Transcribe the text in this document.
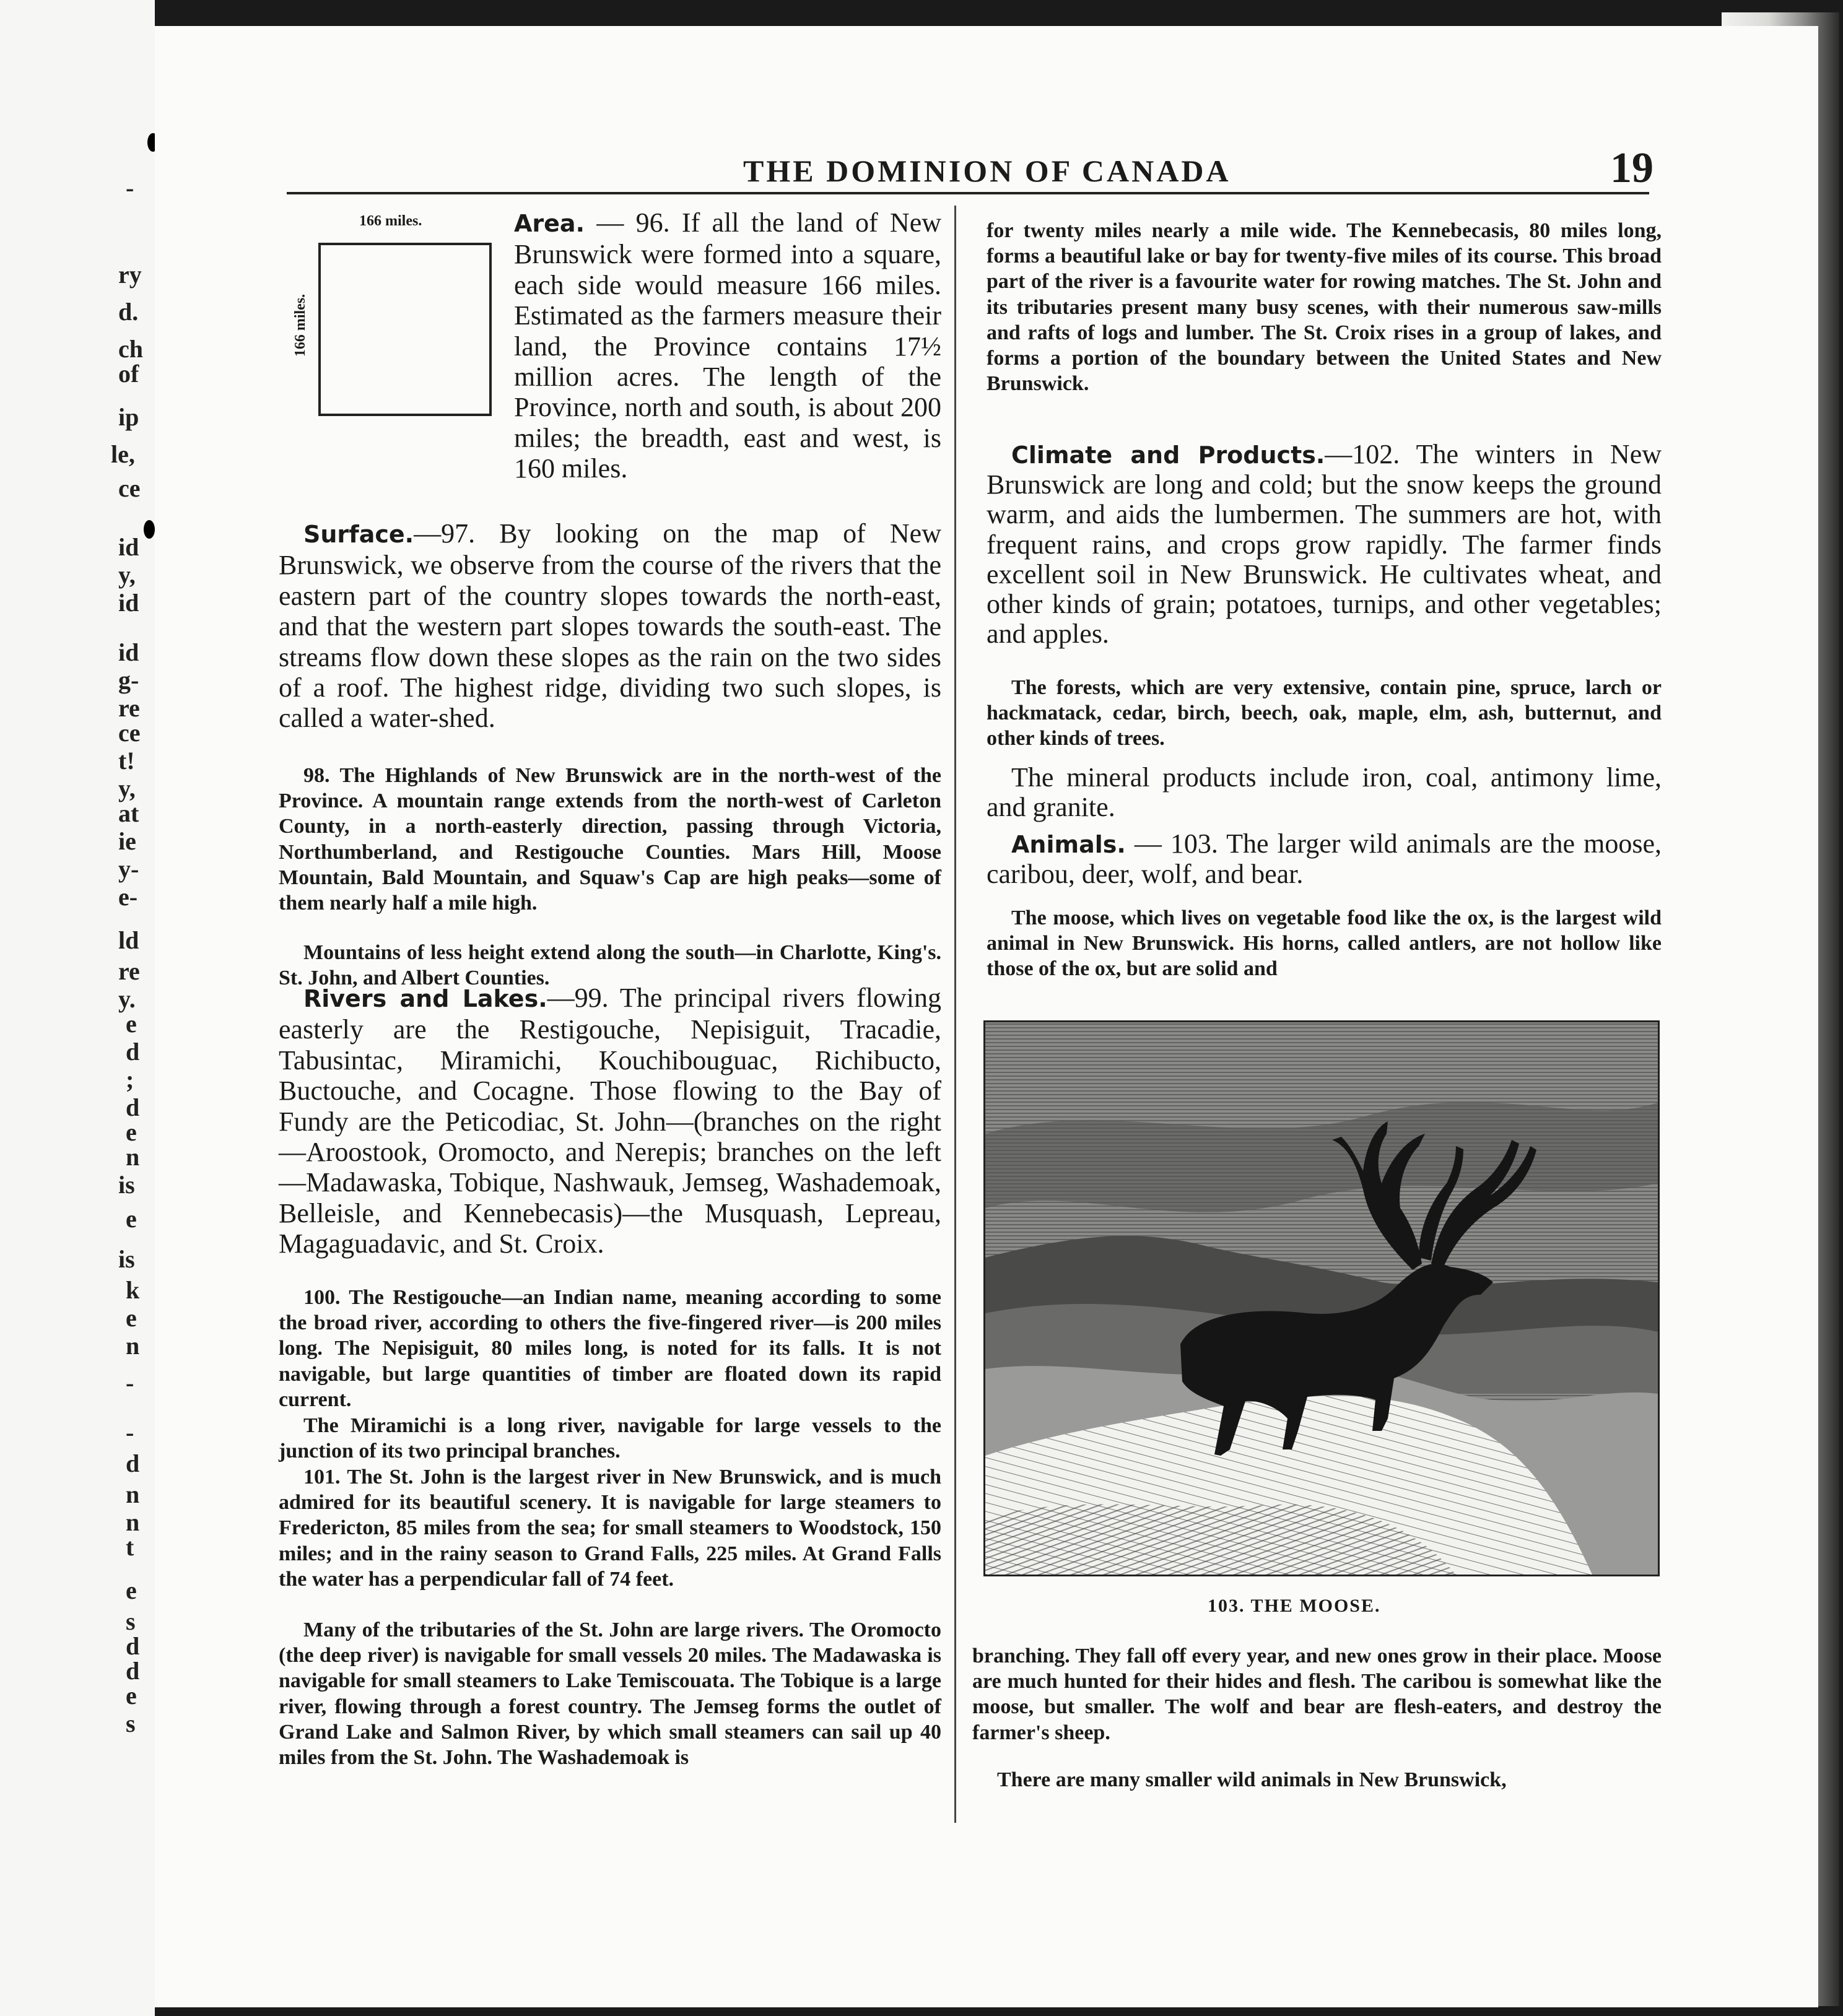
THE DOMINION OF CANADA	19
166 miles.
166 miles.

Area. — 96. If all the land of New Brunswick were formed into a square, each side would measure 166 miles. Estimated as the farmers measure their land, the Province contains 17½ million acres. The length of the Province, north and south, is about 200 miles; the breadth, east and west, is 160 miles.

Surface.—97. By looking on the map of New Brunswick, we observe from the course of the rivers that the eastern part of the country slopes towards the north-east, and that the western part slopes towards the south-east. The streams flow down these slopes as the rain on the two sides of a roof. The highest ridge, dividing two such slopes, is called a water-shed.

98. The Highlands of New Brunswick are in the north-west of the Province. A mountain range extends from the north-west of Carleton County, in a north-easterly direction, passing through Victoria, Northumberland, and Restigouche Counties. Mars Hill, Moose Mountain, Bald Mountain, and Squaw's Cap are high peaks—some of them nearly half a mile high.

Mountains of less height extend along the south—in Charlotte, King's. St. John, and Albert Counties.

Rivers and Lakes.—99. The principal rivers flowing easterly are the Restigouche, Nepisiguit, Tracadie, Tabusintac, Miramichi, Kouchibouguac, Richibucto, Buctouche, and Cocagne. Those flowing to the Bay of Fundy are the Peticodiac, St. John—(branches on the right—Aroostook, Oromocto, and Nerepis; branches on the left—Madawaska, Tobique, Nashwauk, Jemseg, Washademoak, Belleisle, and Kennebecasis)—the Musquash, Lepreau, Magaguadavic, and St. Croix.

100. The Restigouche—an Indian name, meaning according to some the broad river, according to others the five-fingered river—is 200 miles long. The Nepisiguit, 80 miles long, is noted for its falls. It is not navigable, but large quantities of timber are floated down its rapid current.

The Miramichi is a long river, navigable for large vessels to the junction of its two principal branches.

101. The St. John is the largest river in New Brunswick, and is much admired for its beautiful scenery. It is navigable for large steamers to Fredericton, 85 miles from the sea; for small steamers to Woodstock, 150 miles; and in the rainy season to Grand Falls, 225 miles. At Grand Falls the water has a perpendicular fall of 74 feet.

Many of the tributaries of the St. John are large rivers. The Oromocto (the deep river) is navigable for small vessels 20 miles. The Madawaska is navigable for small steamers to Lake Temiscouata. The Tobique is a large river, flowing through a forest country. The Jemseg forms the outlet of Grand Lake and Salmon River, by which small steamers can sail up 40 miles from the St. John. The Washademoak is

for twenty miles nearly a mile wide. The Kennebecasis, 80 miles long, forms a beautiful lake or bay for twenty-five miles of its course. This broad part of the river is a favourite water for rowing matches. The St. John and its tributaries present many busy scenes, with their numerous saw-mills and rafts of logs and lumber. The St. Croix rises in a group of lakes, and forms a portion of the boundary between the United States and New Brunswick.

Climate and Products.—102. The winters in New Brunswick are long and cold; but the snow keeps the ground warm, and aids the lumbermen. The summers are hot, with frequent rains, and crops grow rapidly. The farmer finds excellent soil in New Brunswick. He cultivates wheat, and other kinds of grain; potatoes, turnips, and other vegetables; and apples.

The forests, which are very extensive, contain pine, spruce, larch or hackmatack, cedar, birch, beech, oak, maple, elm, ash, butternut, and other kinds of trees.

The mineral products include iron, coal, antimony lime, and granite.

Animals. — 103. The larger wild animals are the moose, caribou, deer, wolf, and bear.

The moose, which lives on vegetable food like the ox, is the largest wild animal in New Brunswick. His horns, called antlers, are not hollow like those of the ox, but are solid and

103. THE MOOSE.

branching. They fall off every year, and new ones grow in their place. Moose are much hunted for their hides and flesh. The caribou is somewhat like the moose, but smaller. The wolf and bear are flesh-eaters, and destroy the farmer's sheep.

There are many smaller wild animals in New Brunswick,

-
ry
d.
ch
of
ip
le,
ce
id
y,
id
id
g-
re
ce
t!
y,
at
ie
y-
e-
ld
re
y.
e
d
;
d
e
n
is
e
is
k
e
n
-
-
d
n
n
t
e
s
d
d
e
s
